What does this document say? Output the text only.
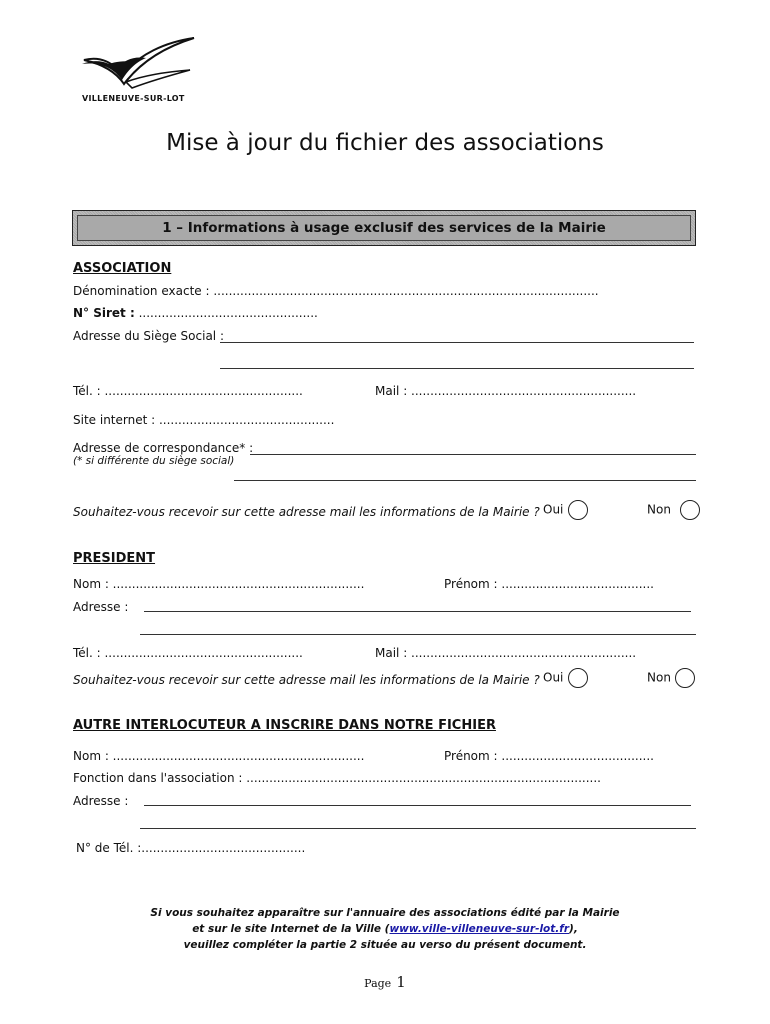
VILLENEUVE-SUR-LOT
Mise à jour du fichier des associations
1 – Informations à usage exclusif des services de la Mairie
ASSOCIATION
Dénomination exacte : .....................................................................................................
N° Siret : ...............................................
Adresse du Siège Social :
Tél. : ....................................................	Mail : ...........................................................
Site internet : ..............................................
Adresse de correspondance* :
(* si différente du siège social)
Souhaitez-vous recevoir sur cette adresse mail les informations de la Mairie ? Oui	Non
PRESIDENT
Nom : ..................................................................	Prénom : ........................................
Adresse :
Tél. : ....................................................	Mail : ...........................................................
Souhaitez-vous recevoir sur cette adresse mail les informations de la Mairie ? Oui	Non
AUTRE INTERLOCUTEUR A INSCRIRE DANS NOTRE FICHIER
Nom : ..................................................................	Prénom : ........................................
Fonction dans l'association : .............................................................................................
Adresse :
N° de Tél. :...........................................
Si vous souhaitez apparaître sur l'annuaire des associations édité par la Mairie
et sur le site Internet de la Ville (www.ville-villeneuve-sur-lot.fr),
veuillez compléter la partie 2 située au verso du présent document.
Page 1
